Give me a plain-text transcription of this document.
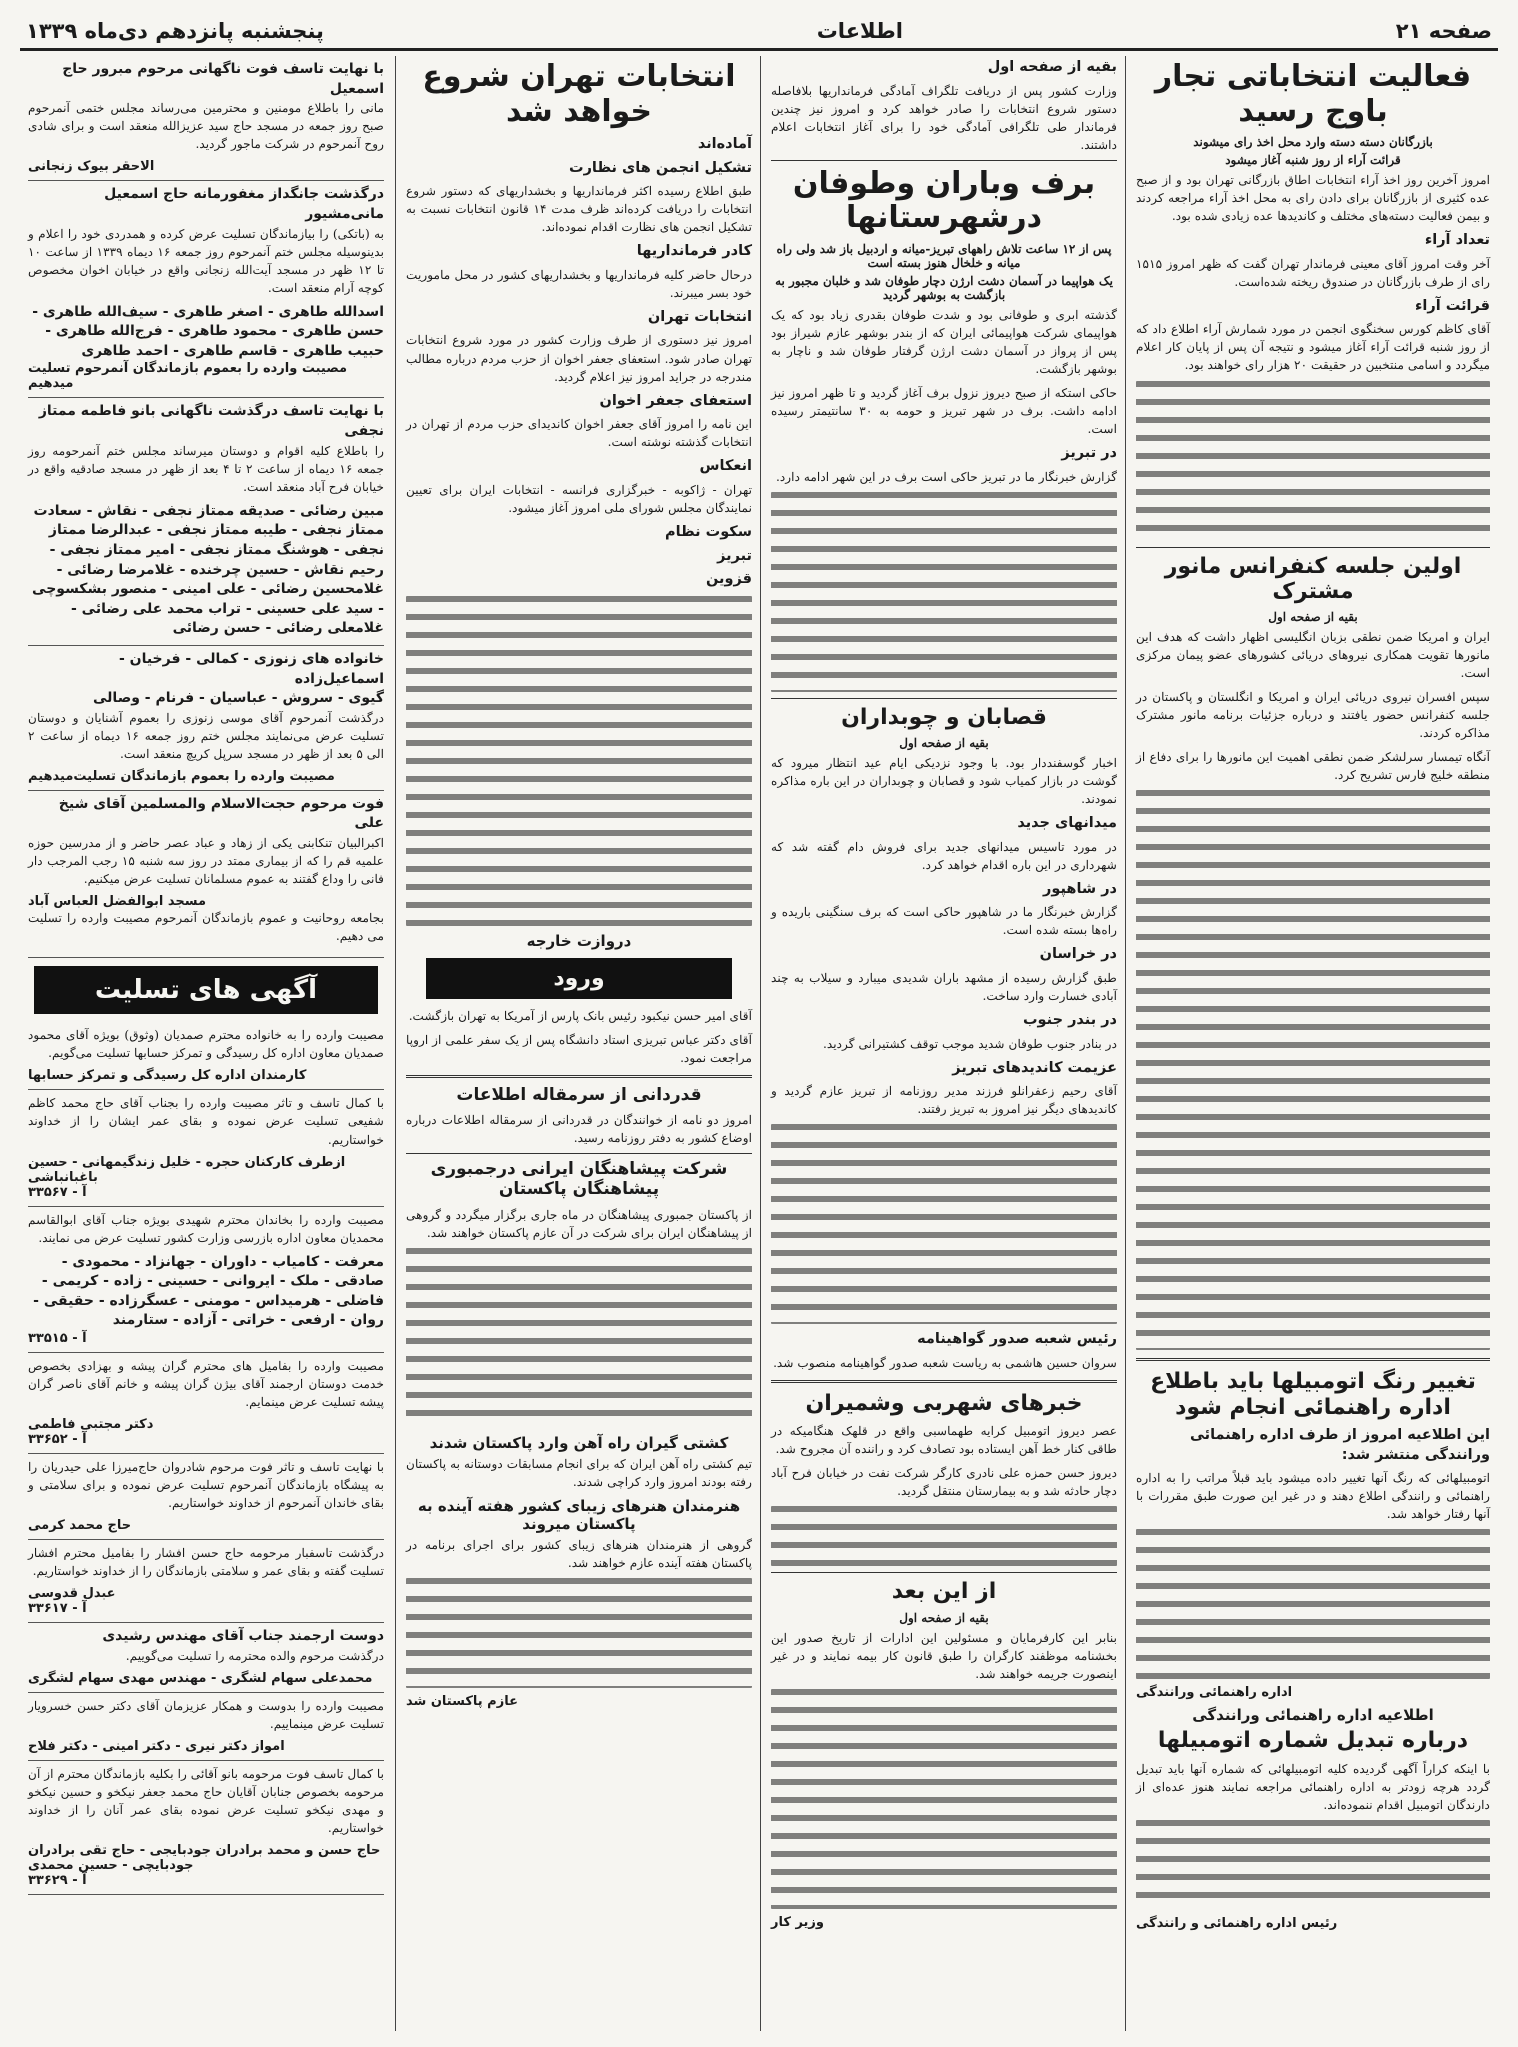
صفحه ۲۱
اطلاعات
پنجشنبه پانزدهم دی‌ماه ۱۳۳۹
فعالیت انتخاباتی تجار باوج رسید
بازرگانان دسته دسته وارد محل اخذ رای میشوند
قرائت آراء از روز شنبه آغاز میشود

امروز آخرین روز اخذ آراء انتخابات اطاق بازرگانی تهران بود و از صبح عده کثیری از بازرگانان برای دادن رای به محل اخذ آراء مراجعه کردند و بیمن فعالیت دسته‌های مختلف و کاندیدها عده زیادی شده بود.

تعداد آراء

آخر وقت امروز آقای معینی فرماندار تهران گفت که ظهر امروز ۱۵۱۵ رای از طرف بازرگانان در صندوق ریخته شده‌است.

قرائت آراء

آقای کاظم کورس سخنگوی انجمن در مورد شمارش آراء اطلاع داد که از روز شنبه قرائت آراء آغاز میشود و نتیجه آن پس از پایان کار اعلام میگردد و اسامی منتخبین در حقیقت ۲۰ هزار رای خواهند بود.

اولین جلسه کنفرانس مانور مشترک
بقیه از صفحه اول

ایران و امریکا ضمن نطقی بزبان انگلیسی اظهار داشت که هدف این مانورها تقویت همکاری نیروهای دریائی کشورهای عضو پیمان مرکزی است.

سپس افسران نیروی دریائی ایران و امریکا و انگلستان و پاکستان در جلسه کنفرانس حضور یافتند و درباره جزئیات برنامه مانور مشترک مذاکره کردند.

آنگاه تیمسار سرلشکر ضمن نطقی اهمیت این مانورها را برای دفاع از منطقه خلیج فارس تشریح کرد.

تغییر رنگ اتومبیلها باید باطلاع اداره راهنمائی انجام شود
این اطلاعیه امروز از طرف اداره راهنمائی ورانندگی منتشر شد:

اتومبیلهائی که رنگ آنها تغییر داده میشود باید قبلاً مراتب را به اداره راهنمائی و رانندگی اطلاع دهند و در غیر این صورت طبق مقررات با آنها رفتار خواهد شد.

اداره راهنمائی ورانندگی
اطلاعیه اداره راهنمائی ورانندگی
درباره تبدیل شماره اتومبیلها

با اینکه کراراً آگهی گردیده کلیه اتومبیلهائی که شماره آنها باید تبدیل گردد هرچه زودتر به اداره راهنمائی مراجعه نمایند هنوز عده‌ای از دارندگان اتومبیل اقدام ننموده‌اند.

رئیس اداره راهنمائی و رانندگی
بقیه از صفحه اول

وزارت کشور پس از دریافت تلگراف آمادگی فرمانداریها بلافاصله دستور شروع انتخابات را صادر خواهد کرد و امروز نیز چندین فرماندار طی تلگرافی آمادگی خود را برای آغاز انتخابات اعلام داشتند.

برف وباران وطوفان درشهرستانها
پس از ۱۲ ساعت تلاش راههای تبریز-میانه و اردبیل باز شد ولی راه میانه و خلخال هنوز بسته است
یک هواپیما در آسمان دشت ارژن دچار طوفان شد و خلبان مجبور به بازگشت به بوشهر گردید

گذشته ابری و طوفانی بود و شدت طوفان بقدری زیاد بود که یک هواپیمای شرکت هواپیمائی ایران که از بندر بوشهر عازم شیراز بود پس از پرواز در آسمان دشت ارژن گرفتار طوفان شد و ناچار به بوشهر بازگشت.

حاکی استکه از صبح دیروز نزول برف آغاز گردید و تا ظهر امروز نیز ادامه داشت. برف در شهر تبریز و حومه به ۳۰ سانتیمتر رسیده است.

در تبریز

گزارش خبرنگار ما در تبریز حاکی است برف در این شهر ادامه دارد.

قصابان و چوبداران
بقیه از صفحه اول

اخبار گوسفند‌دار بود. با وجود نزدیکی ایام عید انتظار میرود که گوشت در بازار کمیاب شود و قصابان و چوبداران در این باره مذاکره نمودند.

میدانهای جدید

در مورد تاسیس میدانهای جدید برای فروش دام گفته شد که شهرداری در این باره اقدام خواهد کرد.

در شاهپور

گزارش خبرنگار ما در شاهپور حاکی است که برف سنگینی باریده و راه‌ها بسته شده است.

در خراسان

طبق گزارش رسیده از مشهد باران شدیدی میبارد و سیلاب به چند آبادی خسارت وارد ساخت.

در بندر جنوب

در بنادر جنوب طوفان شدید موجب توقف کشتیرانی گردید.

عزیمت کاندیدهای تبریز

آقای رحیم زعفرانلو فرزند مدیر روزنامه از تبریز عازم گردید و کاندیدهای دیگر نیز امروز به تبریز رفتند.

رئیس شعبه صدور گواهینامه

سروان حسین هاشمی به ریاست شعبه صدور گواهینامه منصوب شد.

خبرهای شهربی وشمیران

عصر دیروز اتومبیل کرایه طهماسبی واقع در قلهک هنگامیکه در طاقی کنار خط آهن ایستاده بود تصادف کرد و راننده آن مجروح شد.

دیروز حسن حمزه علی نادری کارگر شرکت نفت در خیابان فرح آباد دچار حادثه شد و به بیمارستان منتقل گردید.

از این بعد
بقیه از صفحه اول

بنابر این کارفرمایان و مسئولین این ادارات از تاریخ صدور این بخشنامه موظفند کارگران را طبق قانون کار بیمه نمایند و در غیر اینصورت جریمه خواهند شد.

وزیر کار
انتخابات تهران شروع خواهد شد
آماده‌اند
تشکیل انجمن های نظارت

طبق اطلاع رسیده اکثر فرمانداریها و بخشداریهای که دستور شروع انتخابات را دریافت کرده‌اند ظرف مدت ۱۴ قانون انتخابات نسبت به تشکیل انجمن های نظارت اقدام نموده‌اند.

کادر فرمانداریها

درحال حاضر کلیه فرمانداریها و بخشداریهای کشور در محل ماموریت خود بسر میبرند.

انتخابات تهران

امروز نیز دستوری از طرف وزارت کشور در مورد شروع انتخابات تهران صادر شود. استعفای جعفر اخوان از حزب مردم درباره مطالب مندرجه در جراید امروز نیز اعلام گردید.

استعفای جعفر اخوان

این نامه را امروز آقای جعفر اخوان کاندیدای حزب مردم از تهران در انتخابات گذشته نوشته است.

انعکاس

تهران - ژاکوبه - خبرگزاری فرانسه - انتخابات ایران برای تعیین نمایندگان مجلس شورای ملی امروز آغاز میشود.

سکوت نظام
تبریز
قزوین
دروازت خارجه
ورود

آقای امیر حسن نیکبود رئیس بانک پارس از آمریکا به تهران بازگشت.

آقای دکتر عباس تبریزی استاد دانشگاه پس از یک سفر علمی از اروپا مراجعت نمود.

قدردانی از سرمقاله اطلاعات

امروز دو نامه از خوانندگان در قدردانی از سرمقاله اطلاعات درباره اوضاع کشور به دفتر روزنامه رسید.

شرکت پیشاهنگان ایرانی درجمبوری پیشاهنگان پاکستان

از پاکستان جمبوری پیشاهنگان در ماه جاری برگزار میگردد و گروهی از پیشاهنگان ایران برای شرکت در آن عازم پاکستان خواهند شد.

کشتی گیران راه آهن وارد پاکستان شدند

تیم کشتی راه آهن ایران که برای انجام مسابقات دوستانه به پاکستان رفته بودند امروز وارد کراچی شدند.

هنرمندان هنرهای زیبای کشور هفته آینده به پاکستان میروند

گروهی از هنرمندان هنرهای زیبای کشور برای اجرای برنامه در پاکستان هفته آینده عازم خواهند شد.

عازم پاکستان شد
با نهایت تاسف فوت ناگهانی مرحوم مبرور حاج اسمعیل
مانی را باطلاع مومنین و محترمین می‌رساند مجلس ختمی آنمرحوم صبح روز جمعه در مسجد حاج سید عزیزالله منعقد است و برای شادی روح آنمرحوم در شرکت ماجور گردید.
الاحقر بیوک زنجانی
درگذشت جانگداز مغفورمانه حاج اسمعیل مانی‌مشیور
به (باتکی) را بیازماندگان تسلیت عرض کرده و همدردی خود را اعلام و بدینوسیله مجلس ختم آنمرحوم روز جمعه ۱۶ دیماه ۱۳۳۹ از ساعت ۱۰ تا ۱۲ ظهر در مسجد آیت‌الله زنجانی واقع در خیابان اخوان مخصوص کوچه آرام منعقد است.
اسدالله طاهری - اصغر طاهری - سیف‌الله طاهری - حسن طاهری - محمود طاهری - فرج‌الله طاهری - حبیب طاهری - قاسم طاهری - احمد طاهری
مصیبت وارده را بعموم بازماندگان آنمرحوم تسلیت میدهیم
با نهایت تاسف درگذشت ناگهانی بانو فاطمه ممتاز نجفی
را باطلاع کلیه اقوام و دوستان میرساند مجلس ختم آنمرحومه روز جمعه ۱۶ دیماه از ساعت ۲ تا ۴ بعد از ظهر در مسجد صادقیه واقع در خیابان فرح آباد منعقد است.
مبین رضائی - صدیقه ممتاز نجفی - نقاش - سعادت ممتاز نجفی - طیبه ممتاز نجفی - عبدالرضا ممتاز نجفی - هوشنگ ممتاز نجفی - امیر ممتاز نجفی - رحیم نقاش - حسین چرخنده - غلامرضا رضائی - غلامحسین رضائی - علی امینی - منصور بشکسوچی - سید علی حسینی - تراب محمد علی رضائی - غلامعلی رضائی - حسن رضائی
خانواده های زنوزی - کمالی - فرخیان - اسماعیل‌زاده
گیوی - سروش - عباسیان - فرنام - وصالی
درگذشت آنمرحوم آقای موسی زنوزی را بعموم آشنایان و دوستان تسلیت عرض می‌نمایند مجلس ختم روز جمعه ۱۶ دیماه از ساعت ۲ الی ۵ بعد از ظهر در مسجد سرپل کریچ منعقد است.
مصیبت وارده را بعموم بازماندگان تسلیت‌میدهیم
فوت مرحوم حجت‌الاسلام والمسلمین آقای شیخ علی
اکبرالبیان تنکابنی یکی از زهاد و عباد عصر حاضر و از مدرسین حوزه علمیه قم را که از بیماری ممتد در روز سه شنبه ۱۵ رجب المرجب دار فانی را وداع گفتند به عموم مسلمانان تسلیت عرض میکنیم.
مسجد ابوالفضل العباس آباد
بجامعه روحانیت و عموم بازماندگان آنمرحوم مصیبت وارده را تسلیت می دهیم.
آگهی های تسلیت
مصیبت وارده را به خانواده محترم صمدیان (وثوق) بویژه آقای محمود صمدیان معاون اداره کل رسیدگی و تمرکز حسابها تسلیت می‌گویم.
کارمندان اداره کل رسیدگی و تمرکز حسابها
با کمال تاسف و تاثر مصیبت وارده را بجناب آقای حاج محمد کاظم شفیعی تسلیت عرض نموده و بقای عمر ایشان را از خداوند خواستاریم.
ازطرف کارکنان حجره - خلیل زندگیمهانی - حسین باغبانباشی
آ - ۳۳۵۶۷
مصیبت وارده را بخاندان محترم شهیدی بویژه جناب آقای ابوالقاسم محمدیان معاون اداره بازرسی وزارت کشور تسلیت عرض می نمایند.
معرفت - کامیاب - داوران - جهانزاد - محمودی - صادقی - ملک - ایروانی - حسینی - زاده - کریمی - فاضلی - هرمیداس - مومنی - عسگرزاده - حقیقی - روان - ارفعی - خراتی - آزاده - ستارمند
آ - ۳۳۵۱۵
مصیبت وارده را بفامیل های محترم گران پیشه و بهزادی بخصوص خدمت دوستان ارجمند آقای بیژن گران پیشه و خانم آقای ناصر گران پیشه تسلیت عرض مینمایم.
دکتر مجتبی فاطمی
آ - ۳۳۶۵۲
با نهایت تاسف و تاثر فوت مرحوم شادروان حاج‌میرزا علی حیدریان را به پیشگاه بازماندگان آنمرحوم تسلیت عرض نموده و برای سلامتی و بقای خاندان آنمرحوم از خداوند خواستاریم.
حاج محمد کرمی
درگذشت تاسفبار مرحومه حاج حسن افشار را بفامیل محترم افشار تسلیت گفته و بقای عمر و سلامتی بازماندگان را از خداوند خواستاریم.
عبدل قدوسی
آ - ۳۳۶۱۷
دوست ارجمند جناب آقای مهندس رشیدی
درگذشت مرحوم والده محترمه را تسلیت می‌گوییم.
محمدعلی سهام لشگری - مهندس مهدی سهام لشگری
مصیبت وارده را بدوست و همکار عزیزمان آقای دکتر حسن خسرویار تسلیت عرض مینماییم.
امواز دکتر نیری - دکتر امینی - دکتر فلاح
با کمال تاسف فوت مرحومه بانو آقائی را بکلیه بازماندگان محترم از آن مرحومه بخصوص جنابان آقایان حاج محمد جعفر نیکخو و حسین نیکخو و مهدی نیکخو تسلیت عرض نموده بقای عمر آنان را از خداوند خواستاریم.
حاج حسن و محمد برادران جودبایجی - حاج تقی برادران جودبایچی - حسین محمدی
آ - ۳۳۶۲۹
